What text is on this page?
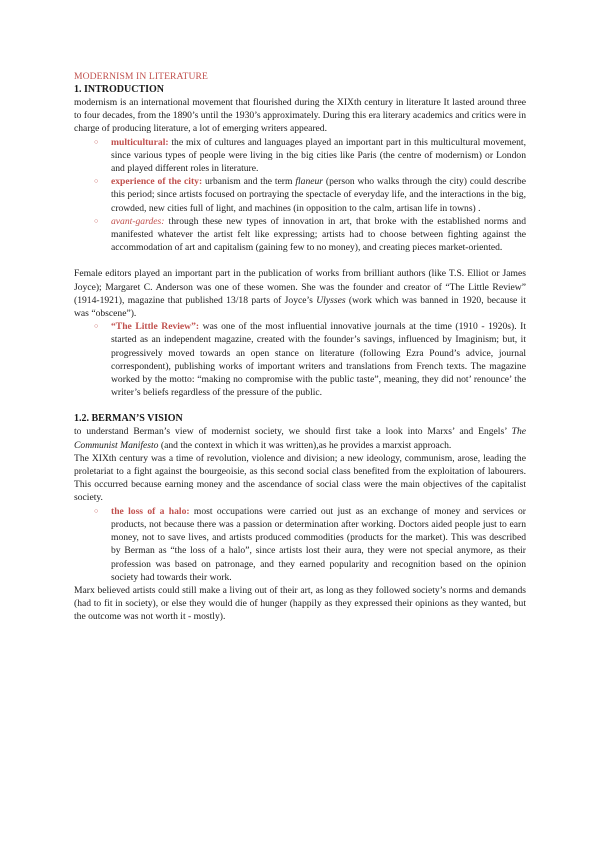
MODERNISM IN LITERATURE

1. INTRODUCTION

modernism is an international movement that flourished during the XIXth century in literature It lasted around three to four decades, from the 1890’s until the 1930’s approximately. During this era literary academics and critics were in charge of producing literature, a lot of emerging writers appeared.

○ multicultural: the mix of cultures and languages played an important part in this multicultural movement, since various types of people were living in the big cities like Paris (the centre of modernism) or London and played different roles in literature.
○ experience of the city: urbanism and the term flaneur (person who walks through the city) could describe this period; since artists focused on portraying the spectacle of everyday life, and the interactions in the big, crowded, new cities full of light, and machines (in opposition to the calm, artisan life in towns) .
○ avant-gardes: through these new types of innovation in art, that broke with the established norms and manifested whatever the artist felt like expressing; artists had to choose between fighting against the accommodation of art and capitalism (gaining few to no money), and creating pieces market-oriented.

Female editors played an important part in the publication of works from brilliant authors (like T.S. Elliot or James Joyce); Margaret C. Anderson was one of these women. She was the founder and creator of “The Little Review” (1914-1921), magazine that published 13/18 parts of Joyce’s Ulysses (work which was banned in 1920, because it was “obscene”).

○ “The Little Review”: was one of the most influential innovative journals at the time (1910 - 1920s). It started as an independent magazine, created with the founder’s savings, influenced by Imaginism; but, it progressively moved towards an open stance on literature (following Ezra Pound’s advice, journal correspondent), publishing works of important writers and translations from French texts. The magazine worked by the motto: “making no compromise with the public taste”, meaning, they did not’ renounce’ the writer’s beliefs regardless of the pressure of the public.

1.2. BERMAN’S VISION

to understand Berman’s view of modernist society, we should first take a look into Marxs’ and Engels’ The Communist Manifesto (and the context in which it was written),as he provides a marxist approach.

The XIXth century was a time of revolution, violence and division; a new ideology, communism, arose, leading the proletariat to a fight against the bourgeoisie, as this second social class benefited from the exploitation of labourers. This occurred because earning money and the ascendance of social class were the main objectives of the capitalist society.

○ the loss of a halo: most occupations were carried out just as an exchange of money and services or products, not because there was a passion or determination after working. Doctors aided people just to earn money, not to save lives, and artists produced commodities (products for the market). This was described by Berman as “the loss of a halo”, since artists lost their aura, they were not special anymore, as their profession was based on patronage, and they earned popularity and recognition based on the opinion society had towards their work.

Marx believed artists could still make a living out of their art, as long as they followed society’s norms and demands (had to fit in society), or else they would die of hunger (happily as they expressed their opinions as they wanted, but the outcome was not worth it - mostly).
